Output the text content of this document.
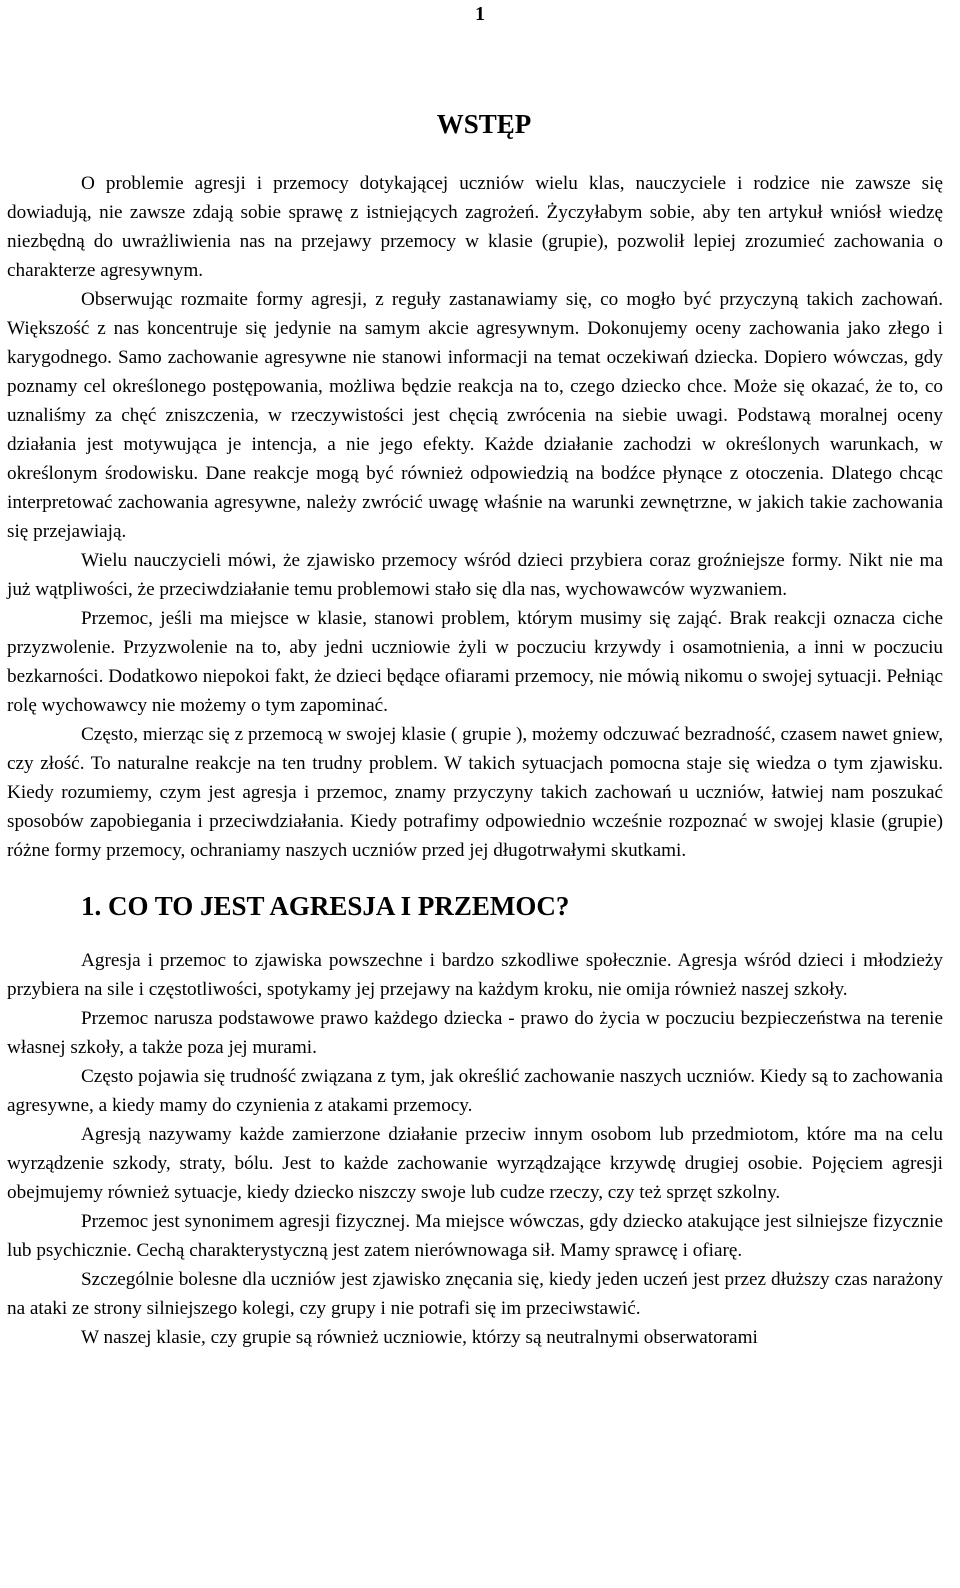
1
WSTĘP

O problemie agresji i przemocy dotykającej uczniów wielu klas, nauczyciele i rodzice nie zawsze się dowiadują, nie zawsze zdają sobie sprawę z istniejących zagrożeń. Życzyłabym sobie, aby ten artykuł wniósł wiedzę niezbędną do uwrażliwienia nas na przejawy przemocy w klasie (grupie), pozwolił lepiej zrozumieć zachowania o charakterze agresywnym.

Obserwując rozmaite formy agresji, z reguły zastanawiamy się, co mogło być przyczyną takich zachowań. Większość z nas koncentruje się jedynie na samym akcie agresywnym. Dokonujemy oceny zachowania jako złego i karygodnego. Samo zachowanie agresywne nie stanowi informacji na temat oczekiwań dziecka. Dopiero wówczas, gdy poznamy cel określonego postępowania, możliwa będzie reakcja na to, czego dziecko chce. Może się okazać, że to, co uznaliśmy za chęć zniszczenia, w rzeczywistości jest chęcią zwrócenia na siebie uwagi. Podstawą moralnej oceny działania jest motywująca je intencja, a nie jego efekty. Każde działanie zachodzi w określonych warunkach, w określonym środowisku. Dane reakcje mogą być również odpowiedzią na bodźce płynące z otoczenia. Dlatego chcąc interpretować zachowania agresywne, należy zwrócić uwagę właśnie na warunki zewnętrzne, w jakich takie zachowania się przejawiają.

Wielu nauczycieli mówi, że zjawisko przemocy wśród dzieci przybiera coraz groźniejsze formy. Nikt nie ma już wątpliwości, że przeciwdziałanie temu problemowi stało się dla nas, wychowawców wyzwaniem.

Przemoc, jeśli ma miejsce w klasie, stanowi problem, którym musimy się zająć. Brak reakcji oznacza ciche przyzwolenie. Przyzwolenie na to, aby jedni uczniowie żyli w poczuciu krzywdy i osamotnienia, a inni w poczuciu bezkarności. Dodatkowo niepokoi fakt, że dzieci będące ofiarami przemocy, nie mówią nikomu o swojej sytuacji. Pełniąc rolę wychowawcy nie możemy o tym zapominać.

Często, mierząc się z przemocą w swojej klasie ( grupie ), możemy odczuwać bezradność, czasem nawet gniew, czy złość. To naturalne reakcje na ten trudny problem. W takich sytuacjach pomocna staje się wiedza o tym zjawisku. Kiedy rozumiemy, czym jest agresja i przemoc, znamy przyczyny takich zachowań u uczniów, łatwiej nam poszukać sposobów zapobiegania i przeciwdziałania. Kiedy potrafimy odpowiednio wcześnie rozpoznać w swojej klasie (grupie) różne formy przemocy, ochraniamy naszych uczniów przed jej długotrwałymi skutkami.

1. CO TO JEST AGRESJA I PRZEMOC?

Agresja i przemoc to zjawiska powszechne i bardzo szkodliwe społecznie. Agresja wśród dzieci i młodzieży przybiera na sile i częstotliwości, spotykamy jej przejawy na każdym kroku, nie omija również naszej szkoły.

Przemoc narusza podstawowe prawo każdego dziecka - prawo do życia w poczuciu bezpieczeństwa na terenie własnej szkoły, a także poza jej murami.

Często pojawia się trudność związana z tym, jak określić zachowanie naszych uczniów. Kiedy są to zachowania agresywne, a kiedy mamy do czynienia z atakami przemocy.

Agresją nazywamy każde zamierzone działanie przeciw innym osobom lub przedmiotom, które ma na celu wyrządzenie szkody, straty, bólu. Jest to każde zachowanie wyrządzające krzywdę drugiej osobie. Pojęciem agresji obejmujemy również sytuacje, kiedy dziecko niszczy swoje lub cudze rzeczy, czy też sprzęt szkolny.

Przemoc jest synonimem agresji fizycznej. Ma miejsce wówczas, gdy dziecko atakujące jest silniejsze fizycznie lub psychicznie. Cechą charakterystyczną jest zatem nierównowaga sił. Mamy sprawcę i ofiarę.

Szczególnie bolesne dla uczniów jest zjawisko znęcania się, kiedy jeden uczeń jest przez dłuższy czas narażony na ataki ze strony silniejszego kolegi, czy grupy i nie potrafi się im przeciwstawić.

W naszej klasie, czy grupie są również uczniowie, którzy są neutralnymi obserwatorami
